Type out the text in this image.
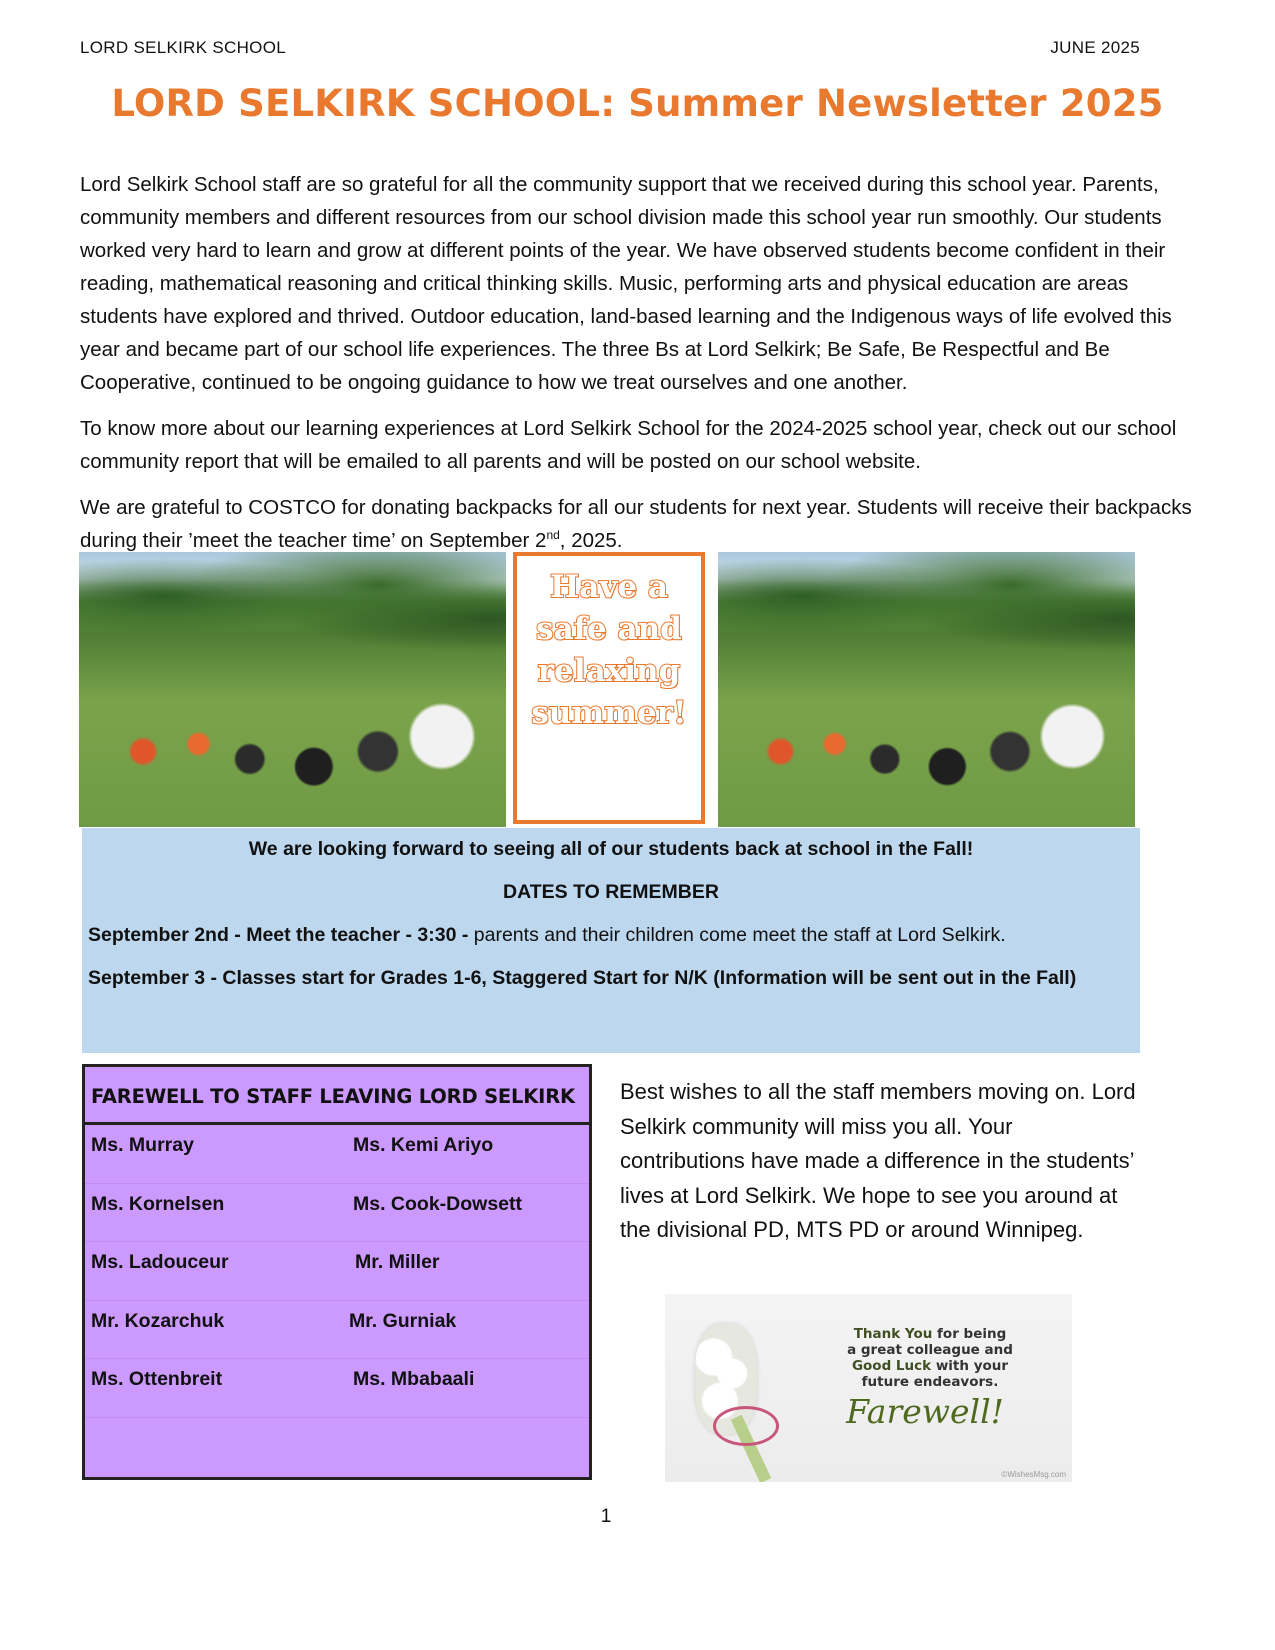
LORD SELKIRK SCHOOL	JUNE 2025
LORD SELKIRK SCHOOL: Summer Newsletter 2025

Lord Selkirk School staff are so grateful for all the community support that we received during this school year. Parents, community members and different resources from our school division made this school year run smoothly. Our students worked very hard to learn and grow at different points of the year. We have observed students become confident in their reading, mathematical reasoning and critical thinking skills. Music, performing arts and physical education are areas students have explored and thrived. Outdoor education, land-based learning and the Indigenous ways of life evolved this year and became part of our school life experiences. The three Bs at Lord Selkirk; Be Safe, Be Respectful and Be Cooperative, continued to be ongoing guidance to how we treat ourselves and one another.

To know more about our learning experiences at Lord Selkirk School for the 2024-2025 school year, check out our school community report that will be emailed to all parents and will be posted on our school website.

We are grateful to COSTCO for donating backpacks for all our students for next year. Students will receive their backpacks during their ’meet the teacher time’ on September 2nd, 2025.

Have a
safe and
relaxing
summer!
We are looking forward to seeing all of our students back at school in the Fall!
DATES TO REMEMBER
September 2nd - Meet the teacher - 3:30 - parents and their children come meet the staff at Lord Selkirk.
September 3 - Classes start for Grades 1-6, Staggered Start for N/K (Information will be sent out in the Fall)
FAREWELL TO STAFF LEAVING LORD SELKIRK
Ms. Murray	Ms. Kemi Ariyo
Ms. Kornelsen	Ms. Cook-Dowsett
Ms. Ladouceur	Mr. Miller
Mr. Kozarchuk	Mr. Gurniak
Ms. Ottenbreit	Ms. Mbabaali
Best wishes to all the staff members moving on. Lord Selkirk community will miss you all. Your contributions have made a difference in the students’ lives at Lord Selkirk. We hope to see you around at the divisional PD, MTS PD or around Winnipeg.
Thank You for being
a great colleague and
Good Luck with your
future endeavors.
Farewell!
©WishesMsg.com
1
